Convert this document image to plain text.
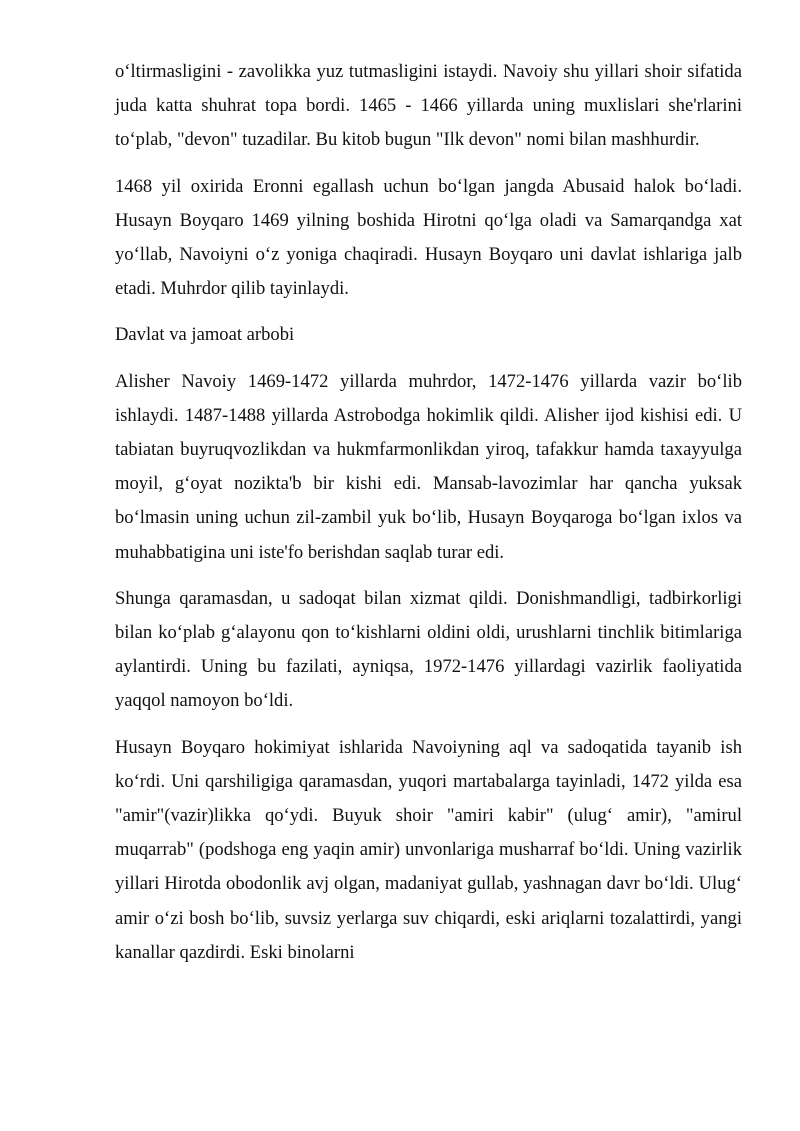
o‘ltirmasligini - zavolikka yuz tutmasligini istaydi. Navoiy shu yillari shoir sifatida juda katta shuhrat topa bordi. 1465 - 1466 yillarda uning muxlislari she'rlarini to‘plab, "devon" tuzadilar. Bu kitob bugun "Ilk devon" nomi bilan mashhurdir.

1468 yil oxirida Eronni egallash uchun bo‘lgan jangda Abusaid halok bo‘ladi. Husayn Boyqaro 1469 yilning boshida Hirotni qo‘lga oladi va Samarqandga xat yo‘llab, Navoiyni o‘z yoniga chaqiradi. Husayn Boyqaro uni davlat ishlariga jalb etadi. Muhrdor qilib tayinlaydi.

Davlat va jamoat arbobi

Alisher Navoiy 1469-1472 yillarda muhrdor, 1472-1476 yillarda vazir bo‘lib ishlaydi. 1487-1488 yillarda Astrobodga hokimlik qildi. Alisher ijod kishisi edi. U tabiatan buyruqvozlikdan va hukmfarmonlikdan yiroq, tafakkur hamda taxayyulga moyil, g‘oyat nozikta'b bir kishi edi. Mansab-lavozimlar har qancha yuksak bo‘lmasin uning uchun zil-zambil yuk bo‘lib, Husayn Boyqaroga bo‘lgan ixlos va muhabbatigina uni iste'fo berishdan saqlab turar edi.

Shunga qaramasdan, u sadoqat bilan xizmat qildi. Donishmandligi, tadbirkorligi bilan ko‘plab g‘alayonu qon to‘kishlarni oldini oldi, urushlarni tinchlik bitimlariga aylantirdi. Uning bu fazilati, ayniqsa, 1972-1476 yillardagi vazirlik faoliyatida yaqqol namoyon bo‘ldi.

Husayn Boyqaro hokimiyat ishlarida Navoiyning aql va sadoqatida tayanib ish ko‘rdi. Uni qarshiligiga qaramasdan, yuqori martabalarga tayinladi, 1472 yilda esa "amir"(vazir)likka qo‘ydi. Buyuk shoir "amiri kabir" (ulug‘ amir), "amirul muqarrab" (podshoga eng yaqin amir) unvonlariga musharraf bo‘ldi. Uning vazirlik yillari Hirotda obodonlik avj olgan, madaniyat gullab, yashnagan davr bo‘ldi. Ulug‘ amir o‘zi bosh bo‘lib, suvsiz yerlarga suv chiqardi, eski ariqlarni tozalattirdi, yangi kanallar qazdirdi. Eski binolarni
